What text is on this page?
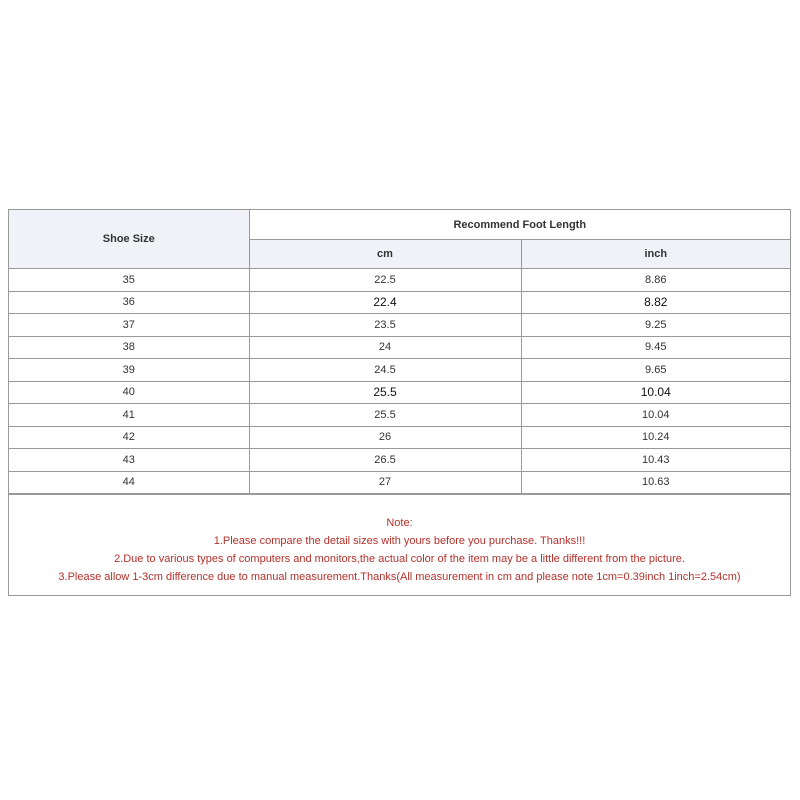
Shoe Size	Recommend Foot Length	
	cm	inch
35	22.5	8.86
36	22.4	8.82
37	23.5	9.25
38	24	9.45
39	24.5	9.65
40	25.5	10.04
41	25.5	10.04
42	26	10.24
43	26.5	10.43
44	27	10.63
Note:
1.Please compare the detail sizes with yours before you purchase. Thanks!!!
2.Due to various types of computers and monitors,the actual color of the item may be a little different from the picture.
3.Please allow 1-3cm difference due to manual measurement.Thanks(All measurement in cm and please note 1cm=0.39inch 1inch=2.54cm)
